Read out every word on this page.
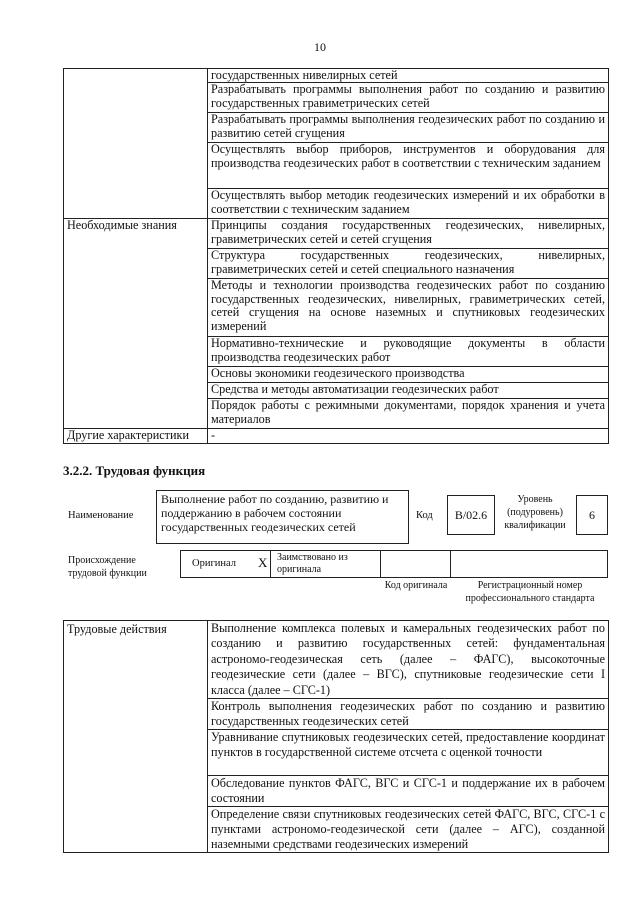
10

	государственных нивелирных сетей

	Разрабатывать программы выполнения работ по созданию и развитию государственных гравиметрических сетей

	Разрабатывать программы выполнения геодезических работ по созданию и развитию сетей сгущения

	Осуществлять выбор приборов, инструментов и оборудования для производства геодезических работ в соответствии с техническим заданием

	Осуществлять выбор методик геодезических измерений и их обработки в соответствии с техническим заданием

Необходимые знания	Принципы создания государственных геодезических, нивелирных, гравиметрических сетей и сетей сгущения

	Структура государственных геодезических, нивелирных, гравиметрических сетей и сетей специального назначения

	Методы и технологии производства геодезических работ по созданию государственных геодезических, нивелирных, гравиметрических сетей, сетей сгущения на основе наземных и спутниковых геодезических измерений

	Нормативно-технические и руководящие документы в области производства геодезических работ

	Основы экономики геодезического производства

	Средства и методы автоматизации геодезических работ

	Порядок работы с режимными документами, порядок хранения и учета материалов

Другие характеристики	-
3.2.2. Трудовая функция
Наименование
Выполнение работ по созданию, развитию и поддержанию в рабочем состоянии государственных геодезических сетей
Код	B/02.6
Уровень (подуровень) квалификации
6
Происхождение трудовой функции
Оригинал X Заимствовано из оригинала
Код оригинала	Регистрационный номер профессионального стандарта
Трудовые действия	Выполнение комплекса полевых и камеральных геодезических работ по созданию и развитию государственных сетей: фундаментальная астрономо-геодезическая сеть (далее – ФАГС), высокоточные геодезические сети (далее – ВГС), спутниковые геодезические сети I класса (далее – СГС-1)

Контроль выполнения геодезических работ по созданию и развитию государственных геодезических сетей

Уравнивание спутниковых геодезических сетей, предоставление координат пунктов в государственной системе отсчета с оценкой точности

Обследование пунктов ФАГС, ВГС и СГС-1 и поддержание их в рабочем состоянии

Определение связи спутниковых геодезических сетей ФАГС, ВГС, СГС-1 с пунктами астрономо-геодезической сети (далее – АГС), созданной наземными средствами геодезических измерений
